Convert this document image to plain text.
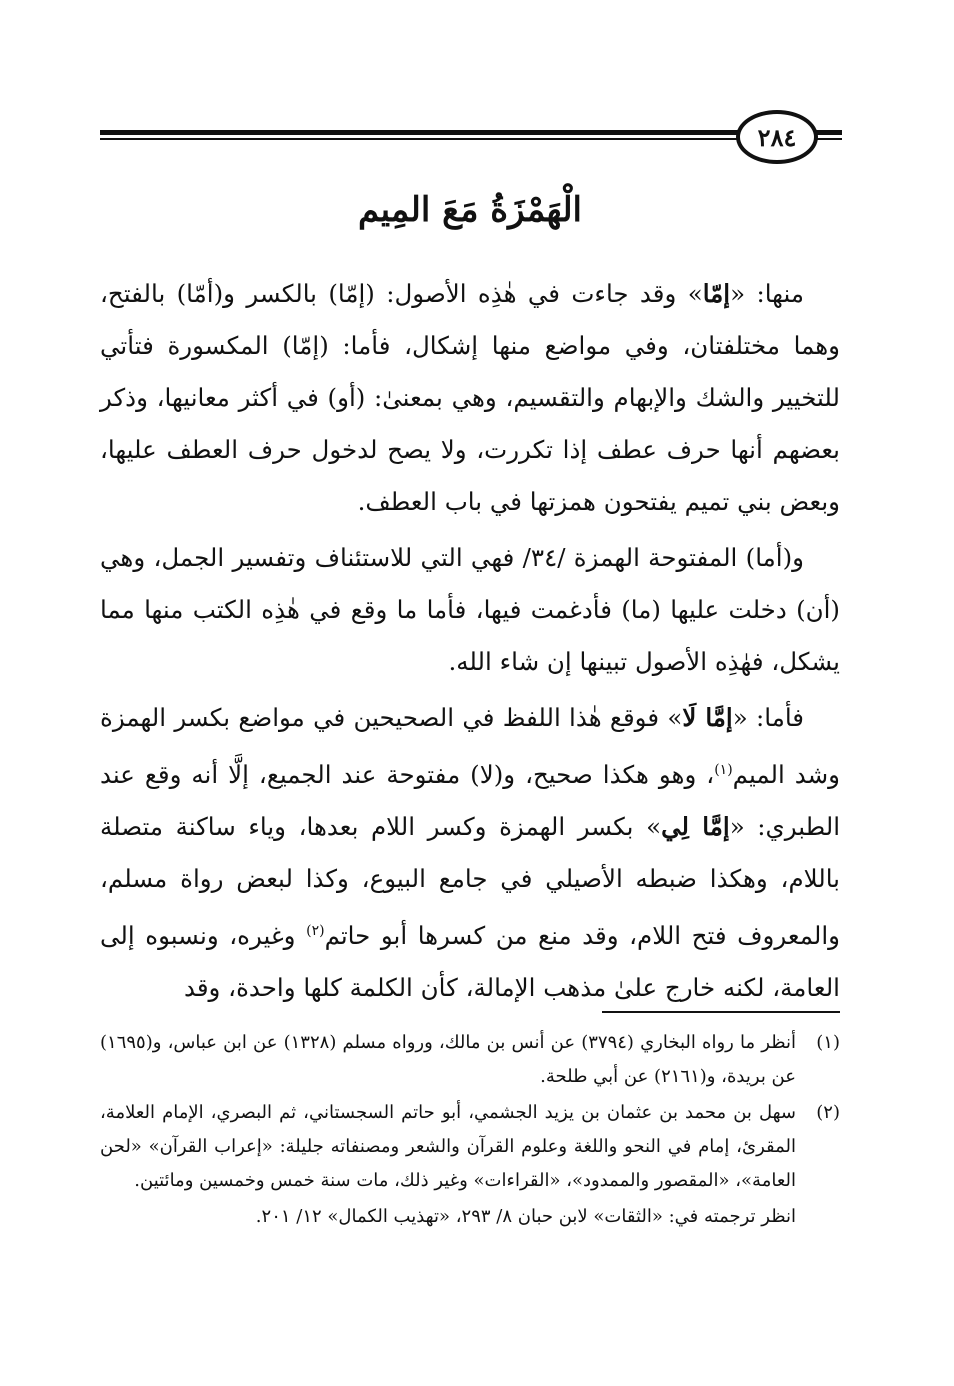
٢٨٤
الْهَمْزَةُ مَعَ المِيم

منها: «إمّا» وقد جاءت في هٰذِه الأصول: (إمّا) بالكسر و(أمّا) بالفتح، وهما مختلفتان، وفي مواضع منها إشكال، فأما: (إمّا) المكسورة فتأتي للتخيير والشك والإبهام والتقسيم، وهي بمعنىٰ: (أو) في أكثر معانيها، وذكر بعضهم أنها حرف عطف إذا تكررت، ولا يصح لدخول حرف العطف عليها، وبعض بني تميم يفتحون همزتها في باب العطف.

و(أما) المفتوحة الهمزة /٣٤/ فهي التي للاستئناف وتفسير الجمل، وهي (أن) دخلت عليها (ما) فأدغمت فيها، فأما ما وقع في هٰذِه الكتب منها مما يشكل، فهٰذِه الأصول تبينها إن شاء الله.

فأما: «إمَّا لَا» فوقع هٰذا اللفظ في الصحيحين في مواضع بكسر الهمزة وشد الميم$^{(١)}$، وهو هكذا صحيح، و(لا) مفتوحة عند الجميع، إلَّا أنه وقع عند الطبري: «إمَّا لِي» بكسر الهمزة وكسر اللام بعدها، وياء ساكنة متصلة باللام، وهكذا ضبطه الأصيلي في جامع البيوع، وكذا لبعض رواة مسلم، والمعروف فتح اللام، وقد منع من كسرها أبو حاتم$^{(٢)}$ وغيره، ونسبوه إلى العامة، لكنه خارج علىٰ مذهب الإمالة، كأن الكلمة كلها واحدة، وقد

(١)
أنظر ما رواه البخاري (٣٧٩٤) عن أنس بن مالك، ورواه مسلم (١٣٢٨) عن ابن عباس، و(١٦٩٥) عن بريدة، و(٢١٦١) عن أبي طلحة.
(٢)
سهل بن محمد بن عثمان بن يزيد الجشمي، أبو حاتم السجستاني، ثم البصري، الإمام العلامة، المقرئ، إمام في النحو واللغة وعلوم القرآن والشعر ومصنفاته جليلة: «إعراب القرآن» «لحن العامة»، «المقصور والممدود»، «القراءات» وغير ذلك، مات سنة خمس وخمسين ومائتين.
انظر ترجمته في: «الثقات» لابن حبان ٨/ ٢٩٣، «تهذيب الكمال» ١٢/ ٢٠١.
